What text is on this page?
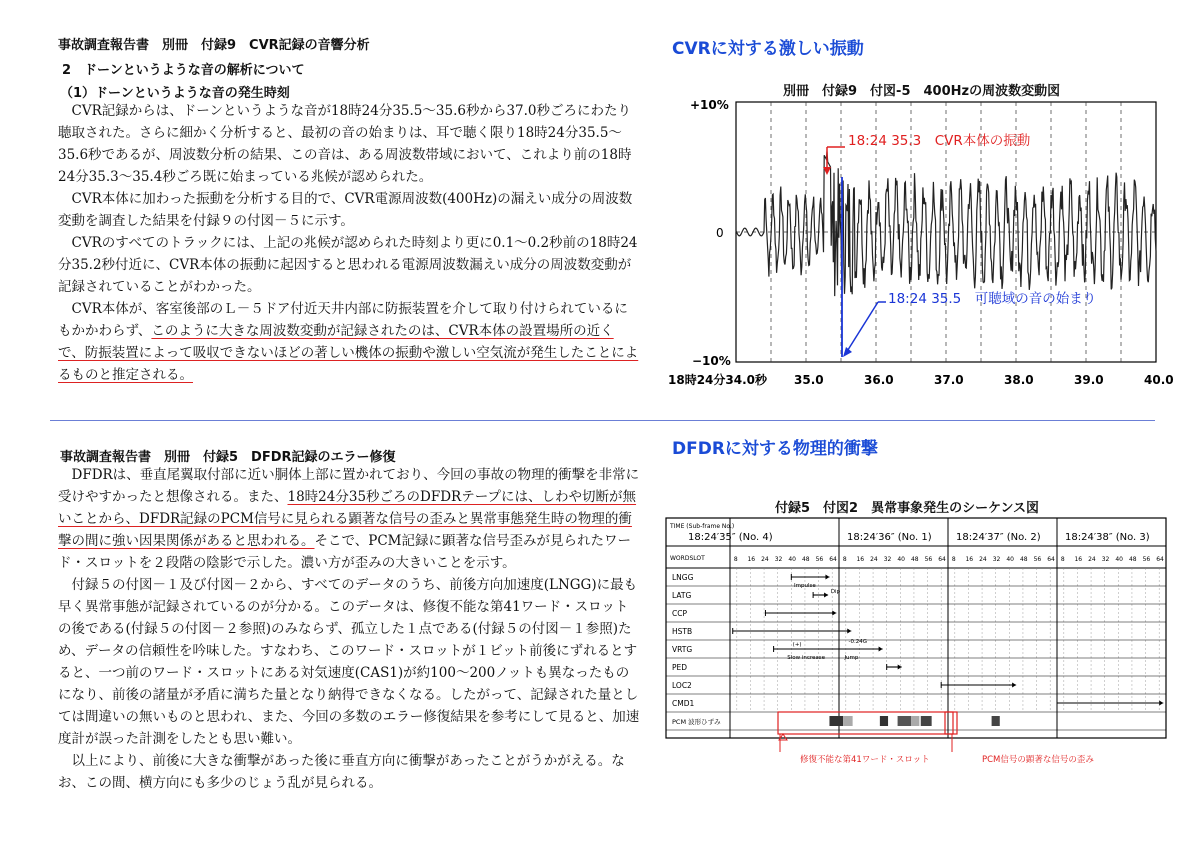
事故調査報告書　別冊　付録9　CVR記録の音響分析
2　ドーンというような音の解析について
（1）ドーンというような音の発生時刻

CVR記録からは、ドーンというような音が18時24分35.5～35.6秒から37.0秒ごろにわたり聴取された。さらに細かく分析すると、最初の音の始まりは、耳で聴く限り18時24分35.5～35.6秒であるが、周波数分析の結果、この音は、ある周波数帯域において、これより前の18時24分35.3～35.4秒ごろ既に始まっている兆候が認められた。

CVR本体に加わった振動を分析する目的で、CVR電源周波数(400Hz)の漏えい成分の周波数変動を調査した結果を付録９の付図－５に示す。

CVRのすべてのトラックには、上記の兆候が認められた時刻より更に0.1～0.2秒前の18時24分35.2秒付近に、CVR本体の振動に起因すると思われる電源周波数漏えい成分の周波数変動が記録されていることがわかった。

CVR本体が、客室後部のＬ－５ドア付近天井内部に防振装置を介して取り付けられているにもかかわらず、このように大きな周波数変動が記録されたのは、CVR本体の設置場所の近くで、防振装置によって吸収できないほどの著しい機体の振動や激しい空気流が発生したことによるものと推定される。

CVRに対する激しい振動
別冊　付録9　付図-5　400Hzの周波数変動図
+10%
0
−10%
18時24分34.0秒 35.0	36.0	37.0	38.0	39.0	40.0
18:24 35.3　CVR本体の振動
18:24 35.5　可聴域の音の始まり
事故調査報告書　別冊　付録5　DFDR記録のエラー修復

DFDRは、垂直尾翼取付部に近い胴体上部に置かれており、今回の事故の物理的衝撃を非常に受けやすかったと想像される。また、18時24分35秒ごろのDFDRテープには、しわや切断が無いことから、DFDR記録のPCM信号に見られる顕著な信号の歪みと異常事態発生時の物理的衝撃の間に強い因果関係があると思われる。そこで、PCM記録に顕著な信号歪みが見られたワード・スロットを２段階の陰影で示した。濃い方が歪みの大きいことを示す。

付録５の付図－１及び付図－２から、すべてのデータのうち、前後方向加速度(LNGG)に最も早く異常事態が記録されているのが分かる。このデータは、修復不能な第41ワード・スロットの後である(付録５の付図－２参照)のみならず、孤立した１点である(付録５の付図－１参照)ため、データの信頼性を吟味した。すなわち、このワード・スロットが１ビット前後にずれるとすると、一つ前のワード・スロットにある対気速度(CAS1)が約100～200ノットも異なったものになり、前後の諸量が矛盾に満ちた量となり納得できなくなる。したがって、記録された量としては間違いの無いものと思われ、また、今回の多数のエラー修復結果を参考にして見ると、加速度計が誤った計測をしたとも思い難い。

以上により、前後に大きな衝撃があった後に垂直方向に衝撃があったことがうかがえる。なお、この間、横方向にも多少のじょう乱が見られる。

DFDRに対する物理的衝撃
付録5　付図2　異常事象発生のシーケンス図
8 16 24 32 40 48 56 64 8 16 24 32 40 48 56 64 8 16 24 32 40 48 56 64 8 16 24 32 40 48 56 64
LNGG
LATG
CCP
HSTB
VRTG
PED
LOC2
CMD1
PCM 波形ひずみ
Impulse
Dip
(+)	-0.24G
Slow increase	Jump
TIME (Sub-frame No.)
WORDSLOT
18:24′35″ (No. 4)	18:24′36″ (No. 1) 18:24′37″ (No. 2) 18:24′38″ (No. 3)
修復不能な第41ワード・スロット	PCM信号の顕著な信号の歪み
